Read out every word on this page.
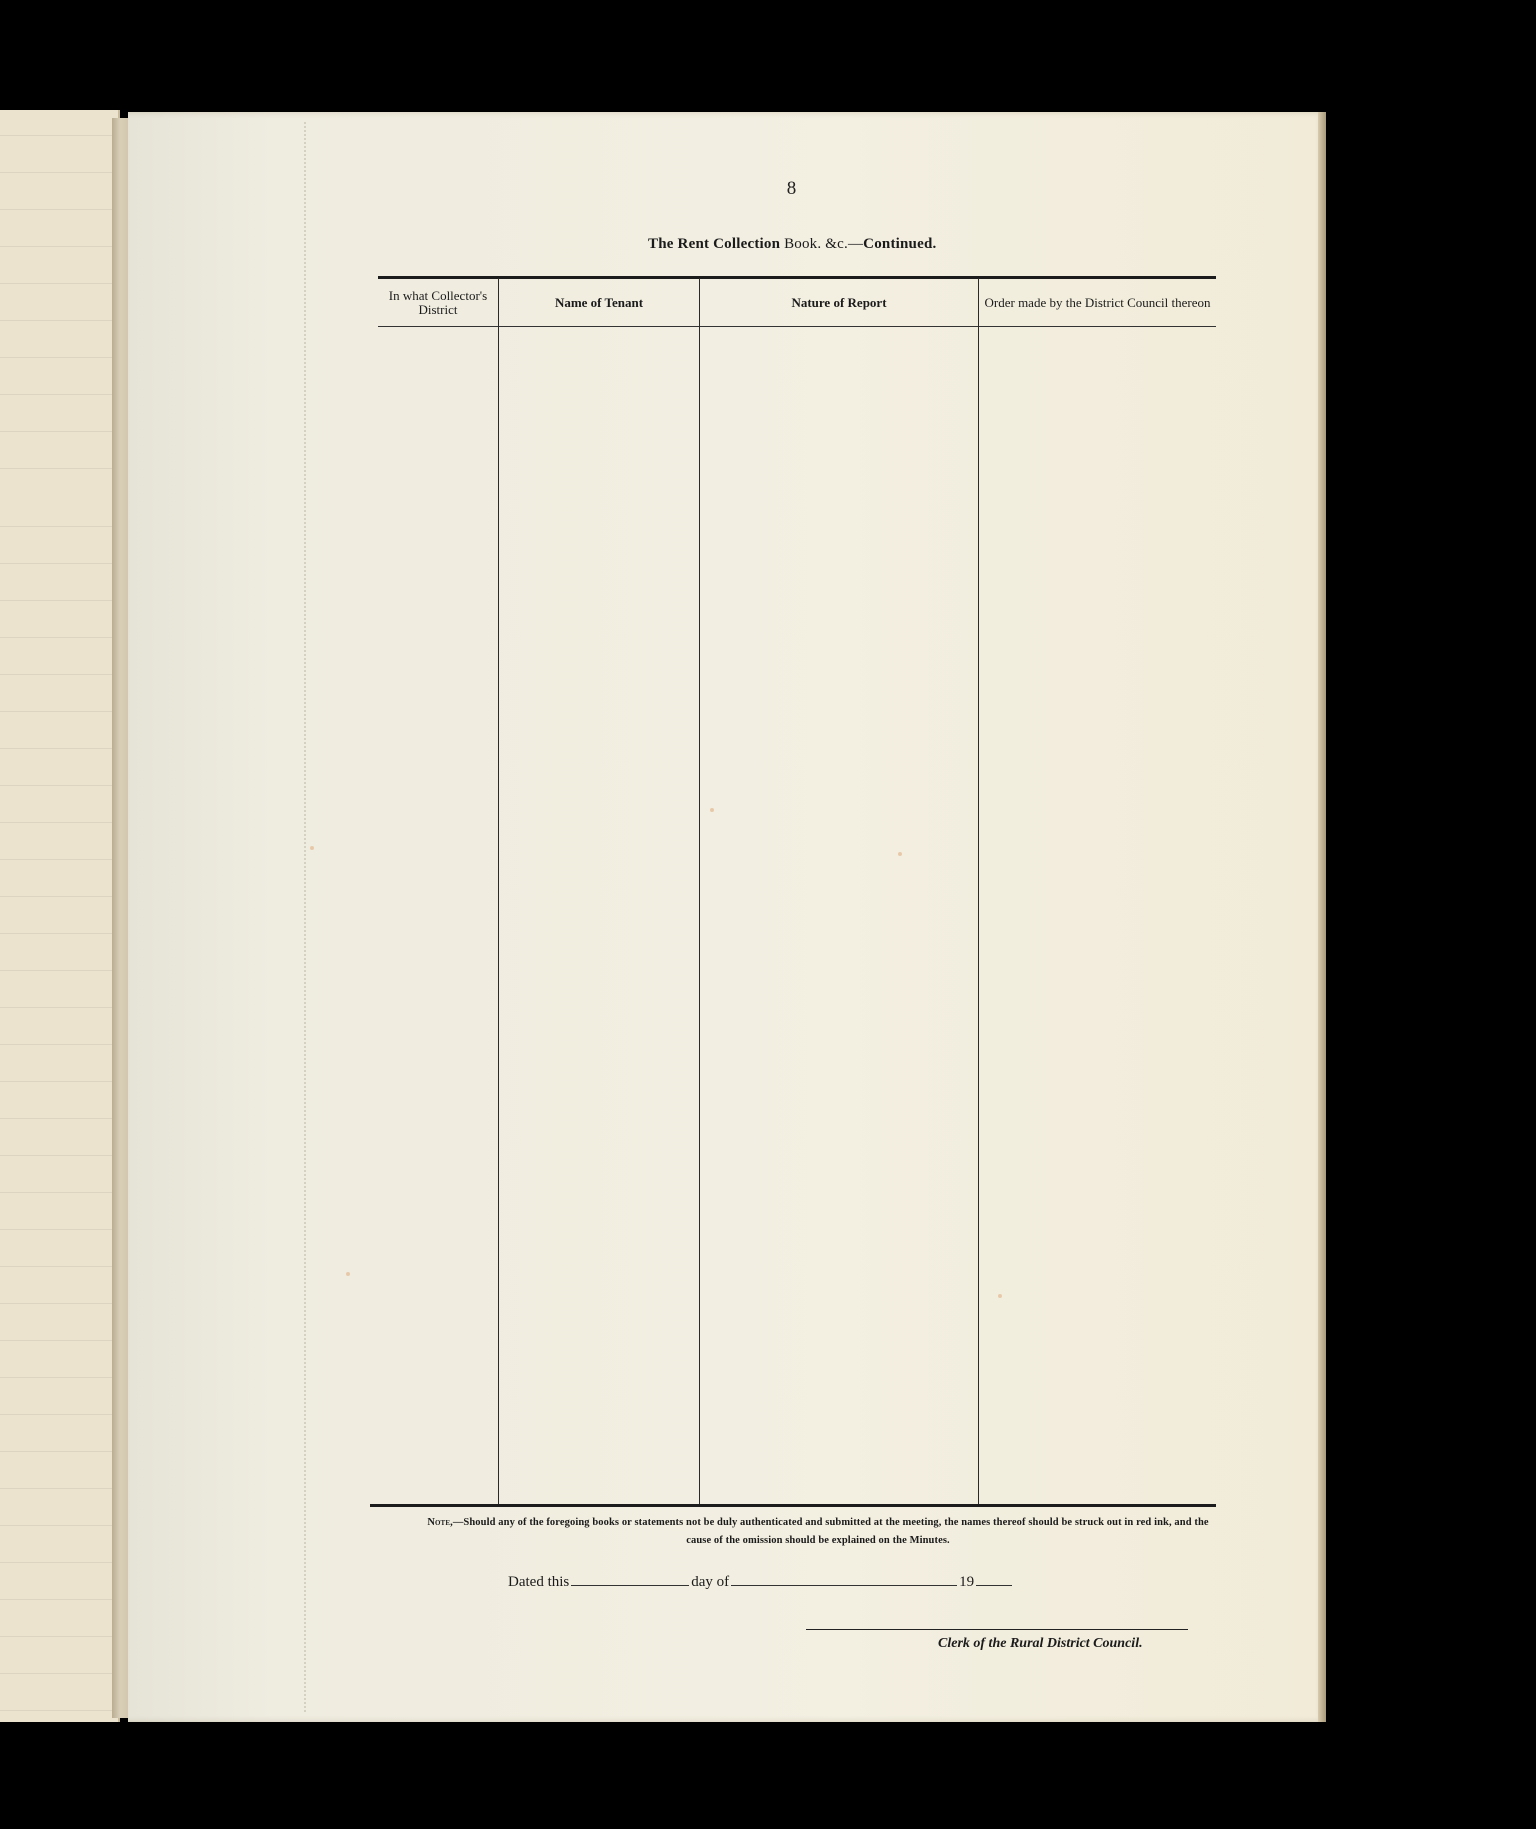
8
The Rent Collection Book. &c.—Continued.
In what Collector's District	Name of Tenant	Nature of Report	Order made by the District Council thereon
Note,—Should any of the foregoing books or statements not be duly authenticated and submitted at the meeting, the names thereof should be struck out in red ink, and the cause of the omission should be explained on the Minutes.
Dated this	day of	19
Clerk of the Rural District Council.
